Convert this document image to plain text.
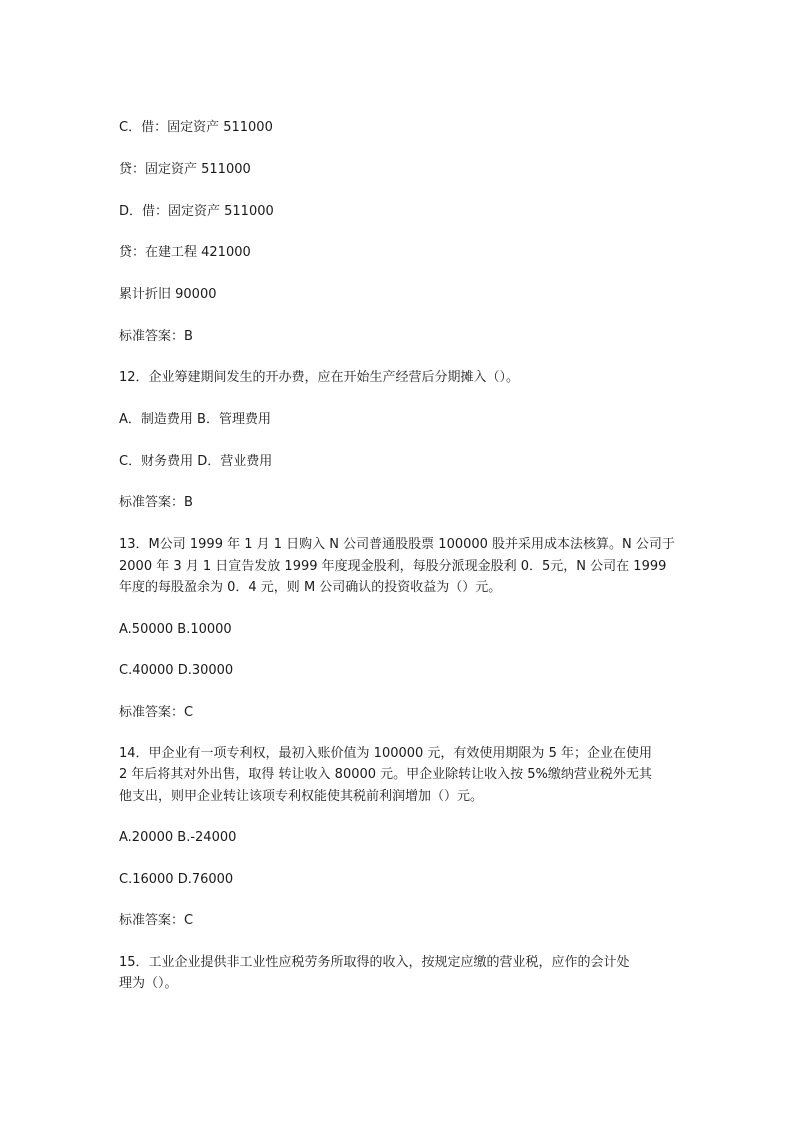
C．借：固定资产 511000
贷：固定资产 511000
D．借：固定资产 511000
贷：在建工程 421000
累计折旧 90000
标准答案：B
12．企业筹建期间发生的开办费，应在开始生产经营后分期摊入（）。
A．制造费用 B．管理费用
C．财务费用 D．营业费用
标准答案：B
13．M公司 1999 年 1 月 1 日购入 N 公司普通股股票 100000 股并采用成本法核算。N 公司于
2000 年 3 月 1 日宣告发放 1999 年度现金股利，每股分派现金股利 0．5元，N 公司在 1999
年度的每股盈余为 0．4 元，则 M 公司确认的投资收益为（）元。
A.50000 B.10000
C.40000 D.30000
标准答案：C
14．甲企业有一项专利权，最初入账价值为 100000 元，有效使用期限为 5 年；企业在使用
2 年后将其对外出售，取得 转让收入 80000 元。甲企业除转让收入按 5%缴纳营业税外无其
他支出，则甲企业转让该项专利权能使其税前利润增加（）元。
A.20000 B.-24000
C.16000 D.76000
标准答案：C
15．工业企业提供非工业性应税劳务所取得的收入，按规定应缴的营业税，应作的会计处
理为（）。
